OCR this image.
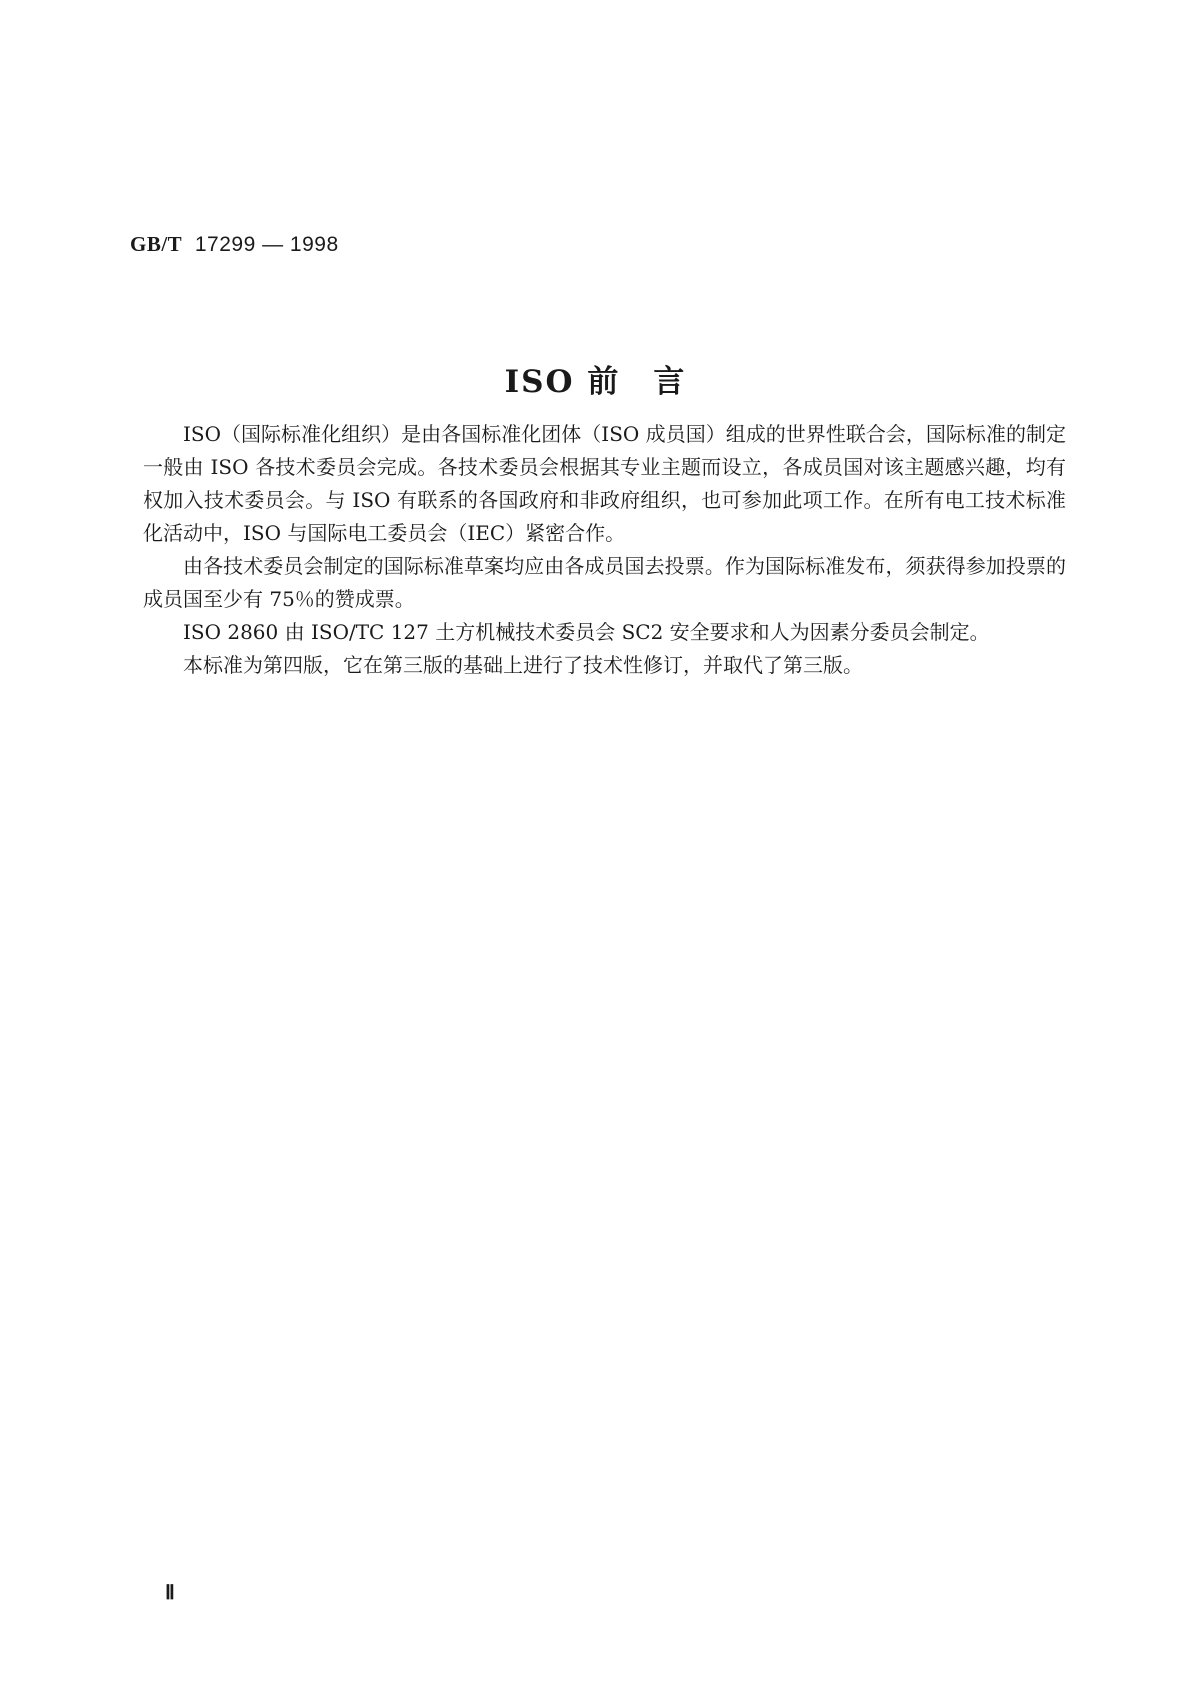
GB/T 17299 — 1998
ISO 前　言

ISO（国际标准化组织）是由各国标准化团体（ISO 成员国）组成的世界性联合会，国际标准的制定一般由 ISO 各技术委员会完成。各技术委员会根据其专业主题而设立，各成员国对该主题感兴趣，均有权加入技术委员会。与 ISO 有联系的各国政府和非政府组织，也可参加此项工作。在所有电工技术标准化活动中，ISO 与国际电工委员会（IEC）紧密合作。

由各技术委员会制定的国际标准草案均应由各成员国去投票。作为国际标准发布，须获得参加投票的成员国至少有 75％的赞成票。

ISO 2860 由 ISO/TC 127 土方机械技术委员会 SC2 安全要求和人为因素分委员会制定。

本标准为第四版，它在第三版的基础上进行了技术性修订，并取代了第三版。

Ⅱ
